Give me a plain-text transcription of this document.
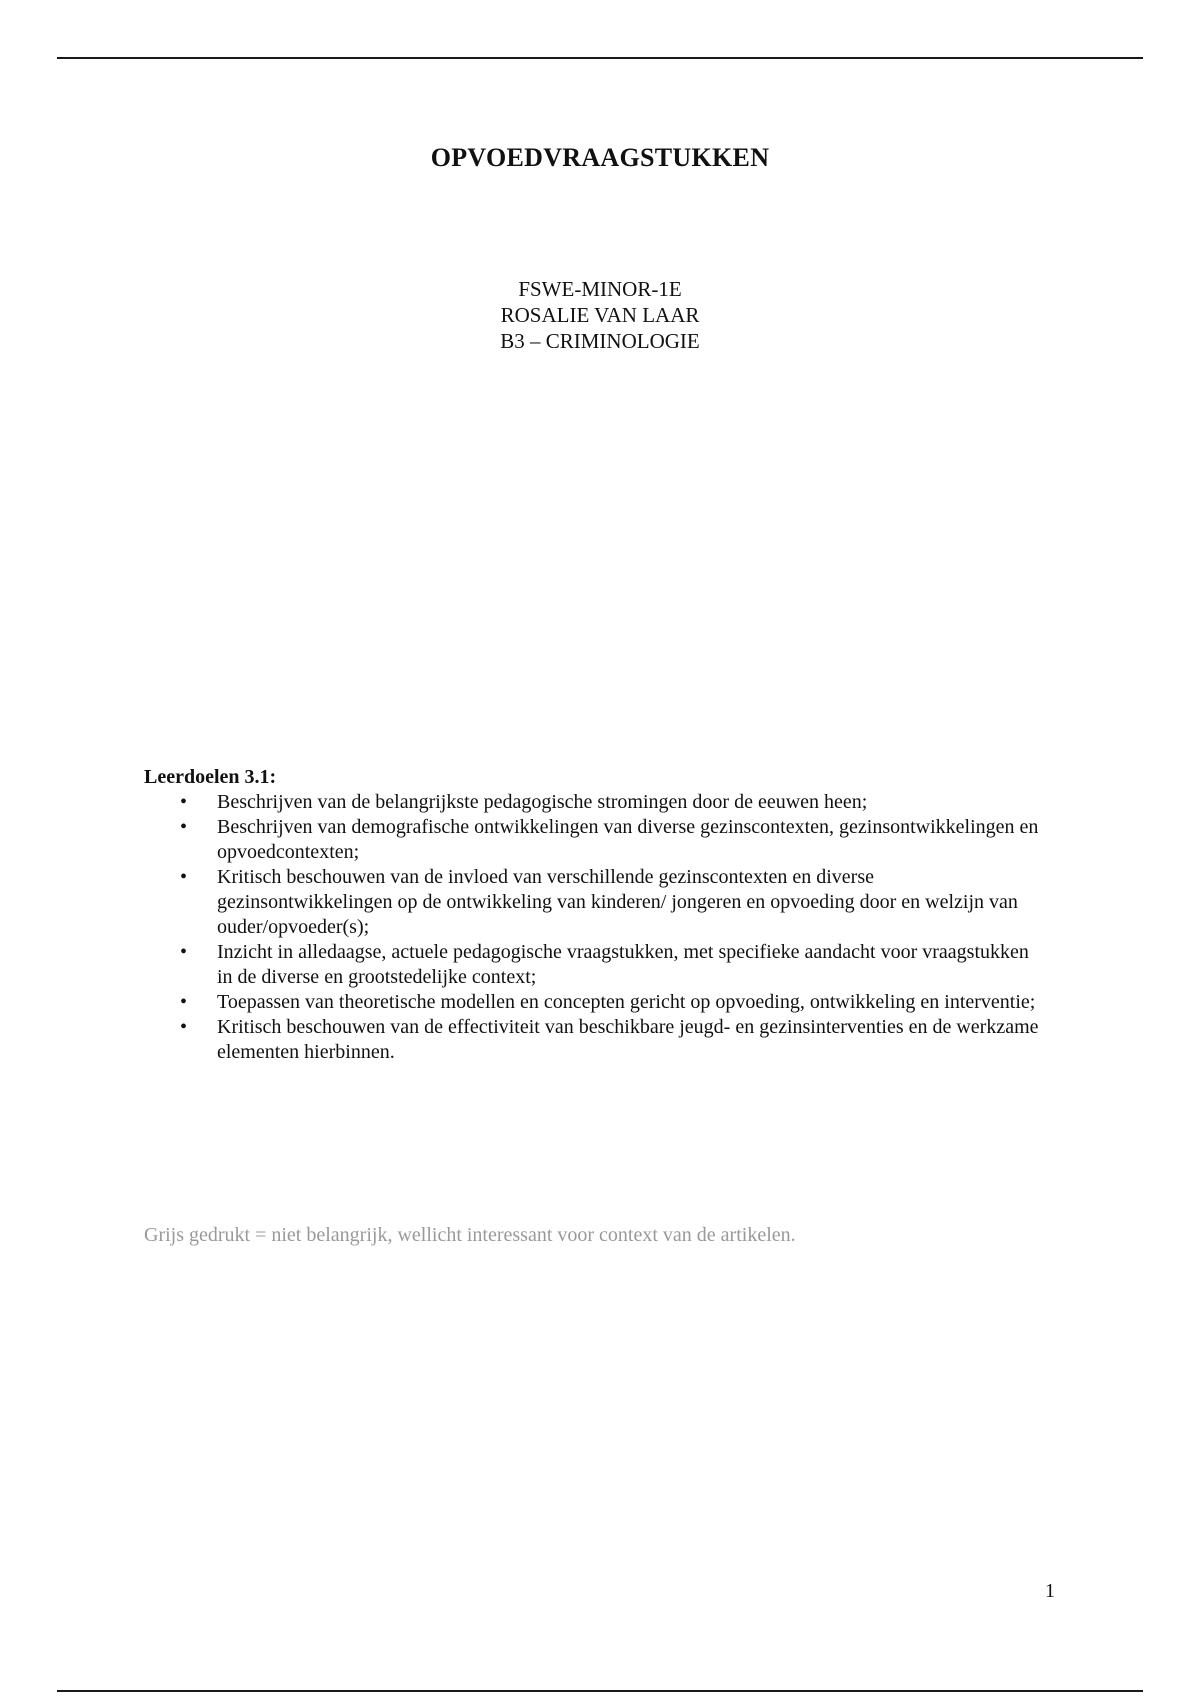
OPVOEDVRAAGSTUKKEN
FSWE-MINOR-1E
ROSALIE VAN LAAR
B3 – CRIMINOLOGIE

Leerdoelen 3.1:

• Beschrijven van de belangrijkste pedagogische stromingen door de eeuwen heen;
• Beschrijven van demografische ontwikkelingen van diverse gezinscontexten, gezinsontwikkelingen en opvoedcontexten;
• Kritisch beschouwen van de invloed van verschillende gezinscontexten en diverse gezinsontwikkelingen op de ontwikkeling van kinderen/ jongeren en opvoeding door en welzijn van ouder/opvoeder(s);
• Inzicht in alledaagse, actuele pedagogische vraagstukken, met specifieke aandacht voor vraagstukken in de diverse en grootstedelijke context;
• Toepassen van theoretische modellen en concepten gericht op opvoeding, ontwikkeling en interventie;
• Kritisch beschouwen van de effectiviteit van beschikbare jeugd- en gezinsinterventies en de werkzame elementen hierbinnen.
Grijs gedrukt = niet belangrijk, wellicht interessant voor context van de artikelen.
1
